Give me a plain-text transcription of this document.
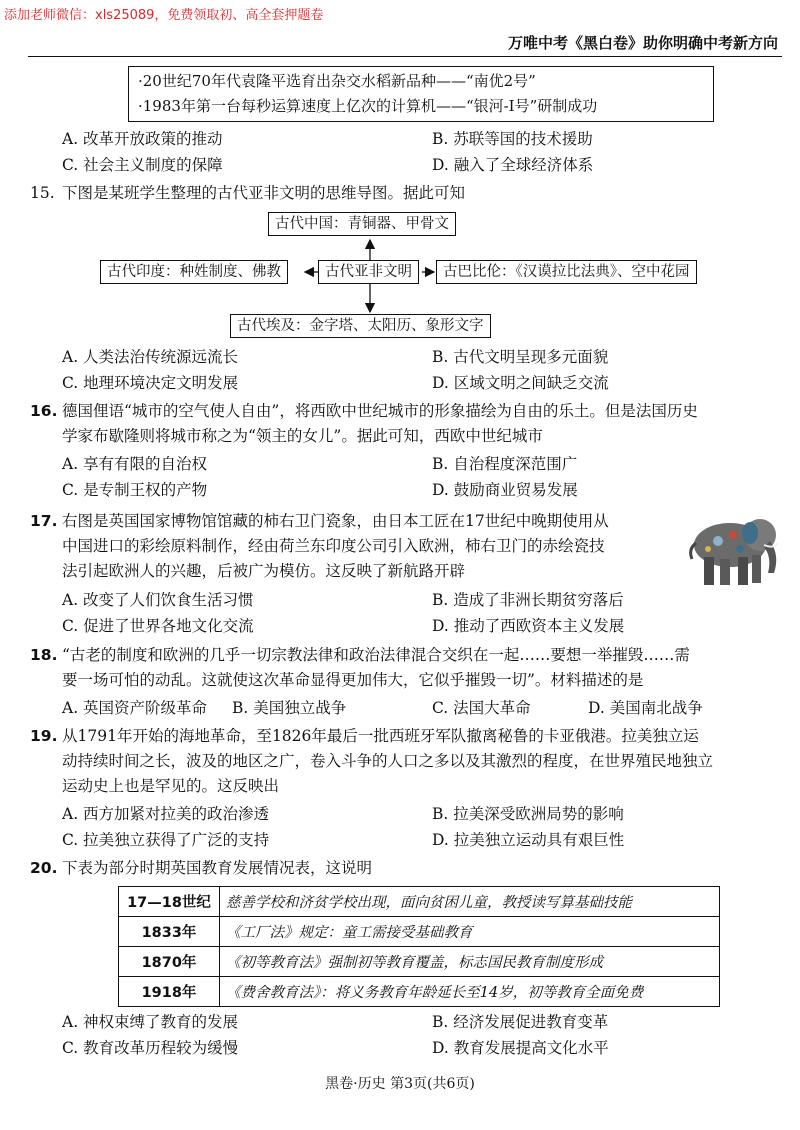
添加老师微信：xls25089，免费领取初、高全套押题卷
万唯中考《黑白卷》助你明确中考新方向
·20世纪70年代袁隆平选育出杂交水稻新品种——“南优2号”
·1983年第一台每秒运算速度上亿次的计算机——“银河-I号”研制成功
A. 改革开放政策的推动	B. 苏联等国的技术援助
C. 社会主义制度的保障	D. 融入了全球经济体系
15. 下图是某班学生整理的古代亚非文明的思维导图。据此可知
古代中国：青铜器、甲骨文
古代印度：种姓制度、佛教	古代亚非文明	古巴比伦：《汉谟拉比法典》、空中花园
古代埃及：金字塔、太阳历、象形文字
A. 人类法治传统源远流长	B. 古代文明呈现多元面貌
C. 地理环境决定文明发展	D. 区域文明之间缺乏交流
16. 德国俚语“城市的空气使人自由”，将西欧中世纪城市的形象描绘为自由的乐土。但是法国历史
学家布歇隆则将城市称之为“领主的女儿”。据此可知，西欧中世纪城市
A. 享有有限的自治权	B. 自治程度深范围广
C. 是专制王权的产物	D. 鼓励商业贸易发展
17. 右图是英国国家博物馆馆藏的柿右卫门瓷象，由日本工匠在17世纪中晚期使用从
中国进口的彩绘原料制作，经由荷兰东印度公司引入欧洲，柿右卫门的赤绘瓷技
法引起欧洲人的兴趣，后被广为模仿。这反映了新航路开辟
A. 改变了人们饮食生活习惯	B. 造成了非洲长期贫穷落后
C. 促进了世界各地文化交流	D. 推动了西欧资本主义发展
18. “古老的制度和欧洲的几乎一切宗教法律和政治法律混合交织在一起……要想一举摧毁……需
要一场可怕的动乱。这就使这次革命显得更加伟大，它似乎摧毁一切”。材料描述的是
A. 英国资产阶级革命 B. 美国独立战争	C. 法国大革命	D. 美国南北战争
19. 从1791年开始的海地革命，至1826年最后一批西班牙军队撤离秘鲁的卡亚俄港。拉美独立运
动持续时间之长，波及的地区之广，卷入斗争的人口之多以及其激烈的程度，在世界殖民地独立
运动史上也是罕见的。这反映出
A. 西方加紧对拉美的政治渗透	B. 拉美深受欧洲局势的影响
C. 拉美独立获得了广泛的支持	D. 拉美独立运动具有艰巨性
20. 下表为部分时期英国教育发展情况表，这说明
17—18世纪	慈善学校和济贫学校出现，面向贫困儿童，教授读写算基础技能
1833年	《工厂法》规定：童工需接受基础教育
1870年	《初等教育法》强制初等教育覆盖，标志国民教育制度形成
1918年	《费舍教育法》：将义务教育年龄延长至14岁，初等教育全面免费
A. 神权束缚了教育的发展	B. 经济发展促进教育变革
C. 教育改革历程较为缓慢	D. 教育发展提高文化水平
黑卷·历史 第3页(共6页)
